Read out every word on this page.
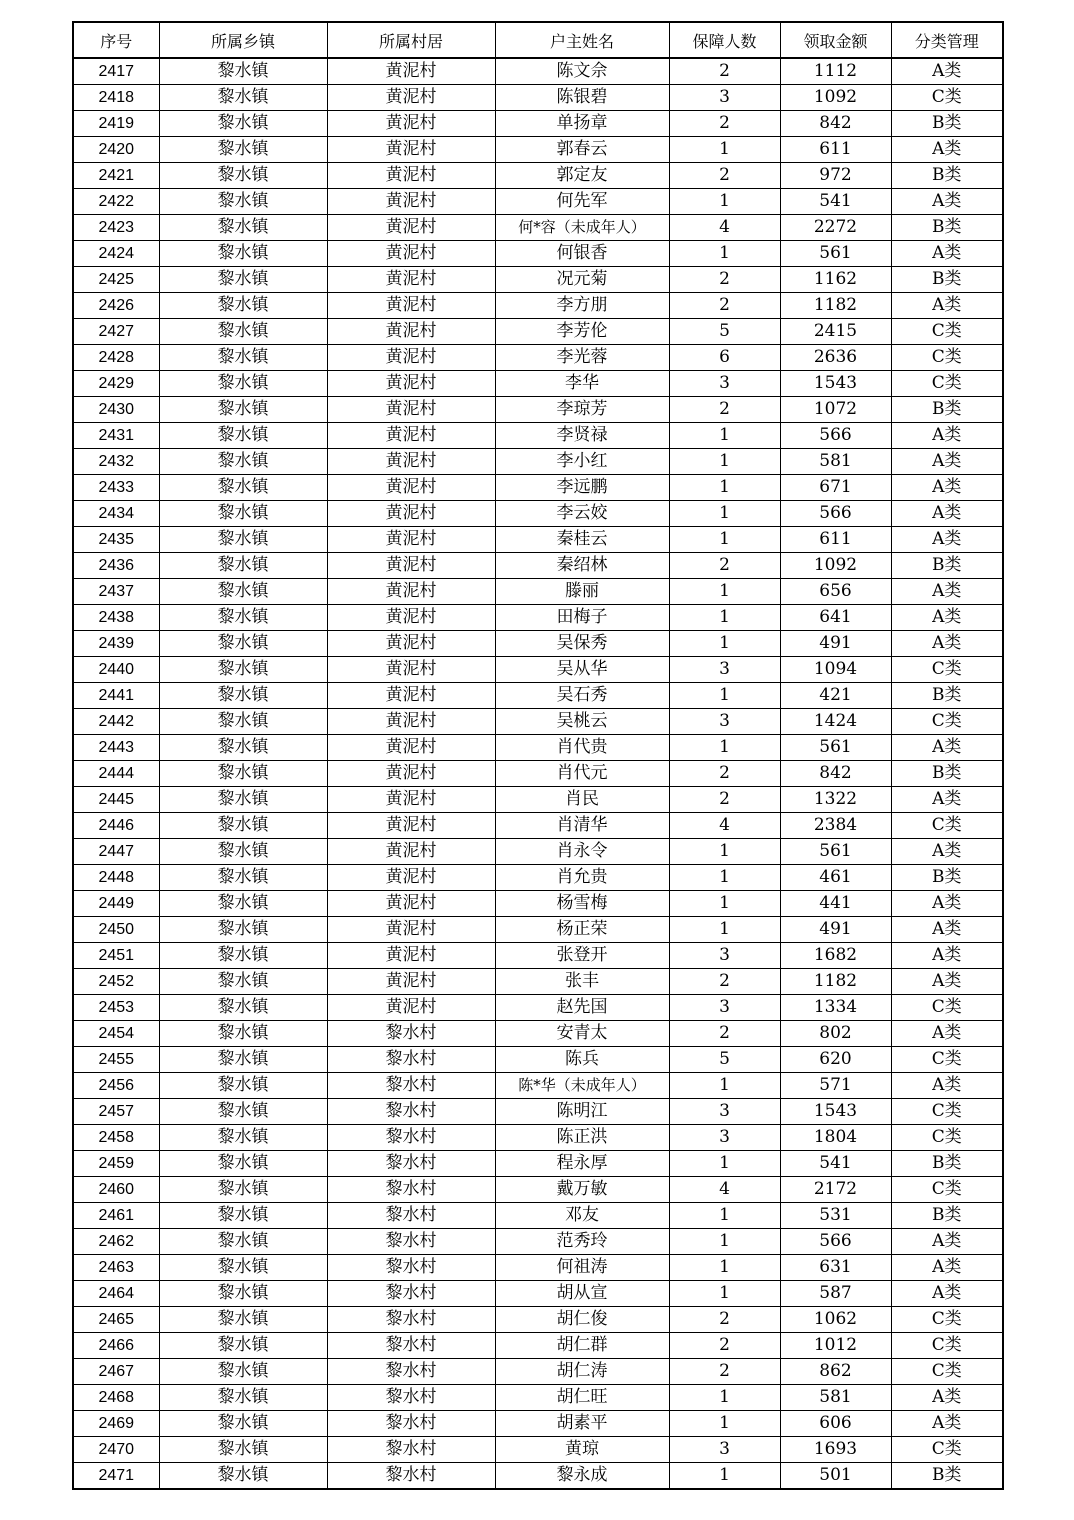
序号	所属乡镇	所属村居	户主姓名	保障人数	领取金额	分类管理
2417	黎水镇	黄泥村	陈文佘	2	1112	A类
2418	黎水镇	黄泥村	陈银碧	3	1092	C类
2419	黎水镇	黄泥村	单扬章	2	842	B类
2420	黎水镇	黄泥村	郭春云	1	611	A类
2421	黎水镇	黄泥村	郭定友	2	972	B类
2422	黎水镇	黄泥村	何先军	1	541	A类
2423	黎水镇	黄泥村	何*容（未成年人）	4	2272	B类
2424	黎水镇	黄泥村	何银香	1	561	A类
2425	黎水镇	黄泥村	况元菊	2	1162	B类
2426	黎水镇	黄泥村	李方朋	2	1182	A类
2427	黎水镇	黄泥村	李芳伦	5	2415	C类
2428	黎水镇	黄泥村	李光蓉	6	2636	C类
2429	黎水镇	黄泥村	李华	3	1543	C类
2430	黎水镇	黄泥村	李琼芳	2	1072	B类
2431	黎水镇	黄泥村	李贤禄	1	566	A类
2432	黎水镇	黄泥村	李小红	1	581	A类
2433	黎水镇	黄泥村	李远鹏	1	671	A类
2434	黎水镇	黄泥村	李云姣	1	566	A类
2435	黎水镇	黄泥村	秦桂云	1	611	A类
2436	黎水镇	黄泥村	秦绍林	2	1092	B类
2437	黎水镇	黄泥村	滕丽	1	656	A类
2438	黎水镇	黄泥村	田梅子	1	641	A类
2439	黎水镇	黄泥村	吴保秀	1	491	A类
2440	黎水镇	黄泥村	吴从华	3	1094	C类
2441	黎水镇	黄泥村	吴石秀	1	421	B类
2442	黎水镇	黄泥村	吴桃云	3	1424	C类
2443	黎水镇	黄泥村	肖代贵	1	561	A类
2444	黎水镇	黄泥村	肖代元	2	842	B类
2445	黎水镇	黄泥村	肖民	2	1322	A类
2446	黎水镇	黄泥村	肖清华	4	2384	C类
2447	黎水镇	黄泥村	肖永令	1	561	A类
2448	黎水镇	黄泥村	肖允贵	1	461	B类
2449	黎水镇	黄泥村	杨雪梅	1	441	A类
2450	黎水镇	黄泥村	杨正荣	1	491	A类
2451	黎水镇	黄泥村	张登开	3	1682	A类
2452	黎水镇	黄泥村	张丰	2	1182	A类
2453	黎水镇	黄泥村	赵先国	3	1334	C类
2454	黎水镇	黎水村	安青太	2	802	A类
2455	黎水镇	黎水村	陈兵	5	620	C类
2456	黎水镇	黎水村	陈*华（未成年人）	1	571	A类
2457	黎水镇	黎水村	陈明江	3	1543	C类
2458	黎水镇	黎水村	陈正洪	3	1804	C类
2459	黎水镇	黎水村	程永厚	1	541	B类
2460	黎水镇	黎水村	戴万敏	4	2172	C类
2461	黎水镇	黎水村	邓友	1	531	B类
2462	黎水镇	黎水村	范秀玲	1	566	A类
2463	黎水镇	黎水村	何祖涛	1	631	A类
2464	黎水镇	黎水村	胡从宣	1	587	A类
2465	黎水镇	黎水村	胡仁俊	2	1062	C类
2466	黎水镇	黎水村	胡仁群	2	1012	C类
2467	黎水镇	黎水村	胡仁涛	2	862	C类
2468	黎水镇	黎水村	胡仁旺	1	581	A类
2469	黎水镇	黎水村	胡素平	1	606	A类
2470	黎水镇	黎水村	黄琼	3	1693	C类
2471	黎水镇	黎水村	黎永成	1	501	B类
